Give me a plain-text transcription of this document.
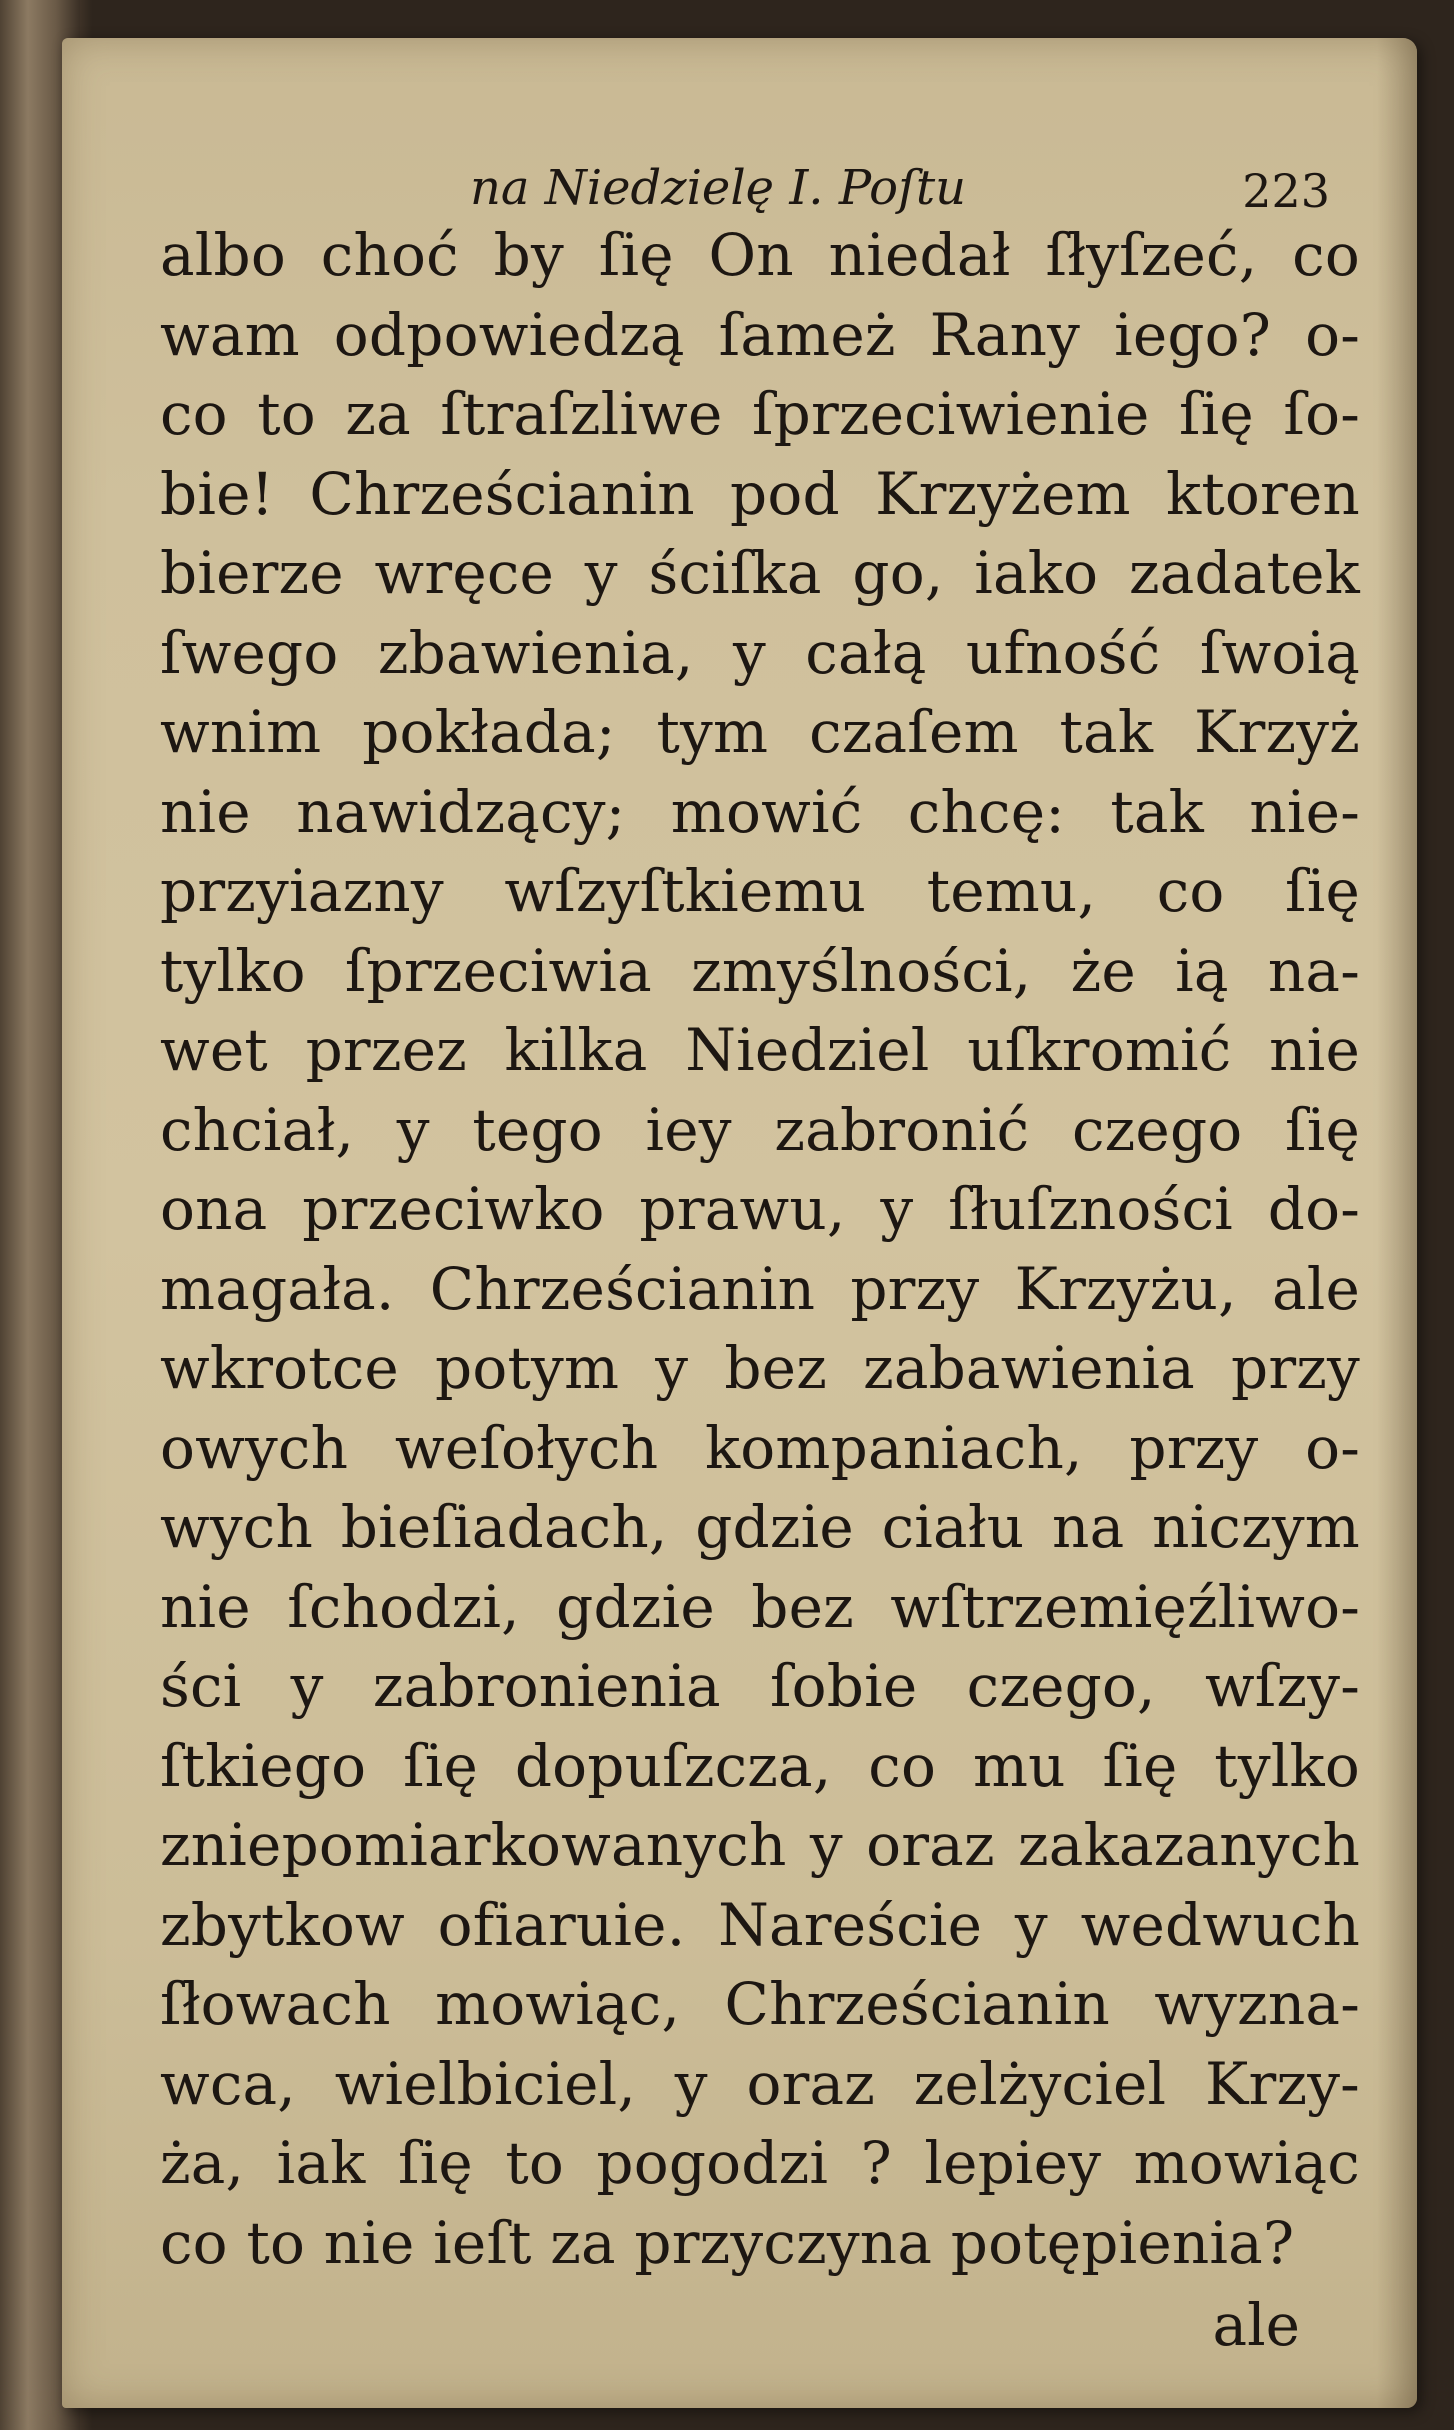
na Niedzielę I. Poſtu	223
albo choć by ſię On niedał ſłyſzeć, co
wam odpowiedzą ſameż Rany iego? o-
co to za ſtraſzliwe ſprzeciwienie ſię ſo-
bie! Chrześcianin pod Krzyżem ktoren
bierze wręce y ściſka go, iako zadatek
ſwego zbawienia, y całą ufność ſwoią
wnim pokłada; tym czaſem tak Krzyż
nie nawidzący; mowić chcę: tak nie-
przyiazny wſzyſtkiemu temu, co ſię
tylko ſprzeciwia zmyślności, że ią na-
wet przez kilka Niedziel uſkromić nie
chciał, y tego iey zabronić czego ſię
ona przeciwko prawu, y ſłuſzności do-
magała. Chrześcianin przy Krzyżu, ale
wkrotce potym y bez zabawienia przy
owych weſołych kompaniach, przy o-
wych bieſiadach, gdzie ciału na niczym
nie ſchodzi, gdzie bez wſtrzemięźliwo-
ści y zabronienia ſobie czego, wſzy-
ſtkiego ſię dopuſzcza, co mu ſię tylko
zniepomiarkowanych y oraz zakazanych
zbytkow ofiaruie. Nareście y wedwuch
ſłowach mowiąc, Chrześcianin wyzna-
wca, wielbiciel, y oraz zelżyciel Krzy-
ża, iak ſię to pogodzi ? lepiey mowiąc
co to nie ieſt za przyczyna potępienia?
ale
